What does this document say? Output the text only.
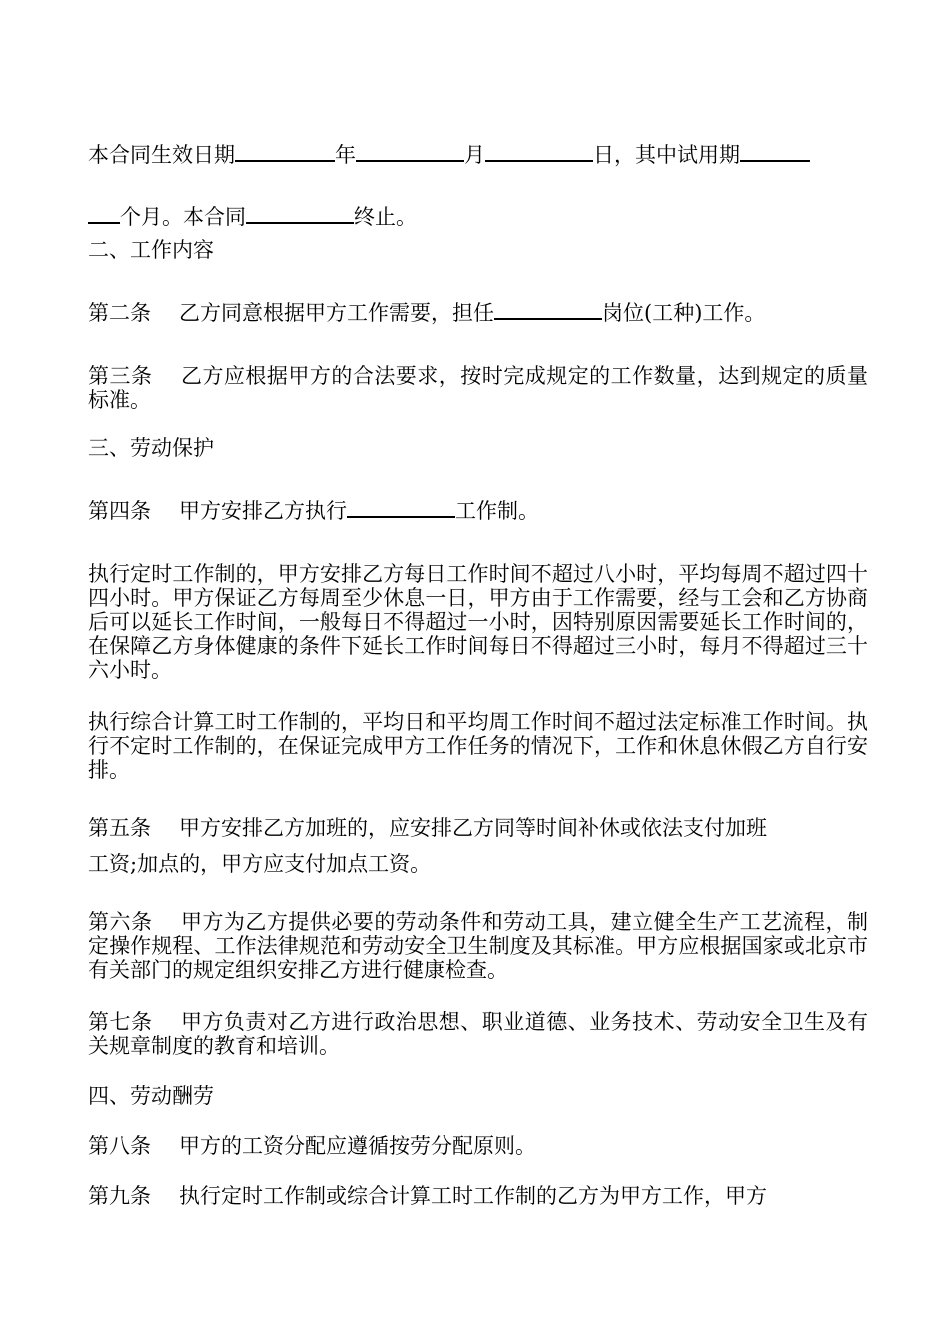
本合同生效日期	年	月	日，其中试用期
个月。本合同	终止。
二、工作内容
第二条 乙方同意根据甲方工作需要，担任	岗位(工种)工作。
第三条 乙方应根据甲方的合法要求，按时完成规定的工作数量，达到规定的质量标准。
三、劳动保护
第四条 甲方安排乙方执行	工作制。
执行定时工作制的，甲方安排乙方每日工作时间不超过八小时，平均每周不超过四十四小时。甲方保证乙方每周至少休息一日，甲方由于工作需要，经与工会和乙方协商后可以延长工作时间，一般每日不得超过一小时，因特别原因需要延长工作时间的，在保障乙方身体健康的条件下延长工作时间每日不得超过三小时，每月不得超过三十六小时。
执行综合计算工时工作制的，平均日和平均周工作时间不超过法定标准工作时间。执行不定时工作制的，在保证完成甲方工作任务的情况下，工作和休息休假乙方自行安排。
第五条 甲方安排乙方加班的，应安排乙方同等时间补休或依法支付加班
工资;加点的，甲方应支付加点工资。
第六条 甲方为乙方提供必要的劳动条件和劳动工具，建立健全生产工艺流程，制定操作规程、工作法律规范和劳动安全卫生制度及其标准。甲方应根据国家或北京市有关部门的规定组织安排乙方进行健康检查。
第七条 甲方负责对乙方进行政治思想、职业道德、业务技术、劳动安全卫生及有关规章制度的教育和培训。
四、劳动酬劳
第八条 甲方的工资分配应遵循按劳分配原则。
第九条 执行定时工作制或综合计算工时工作制的乙方为甲方工作，甲方
